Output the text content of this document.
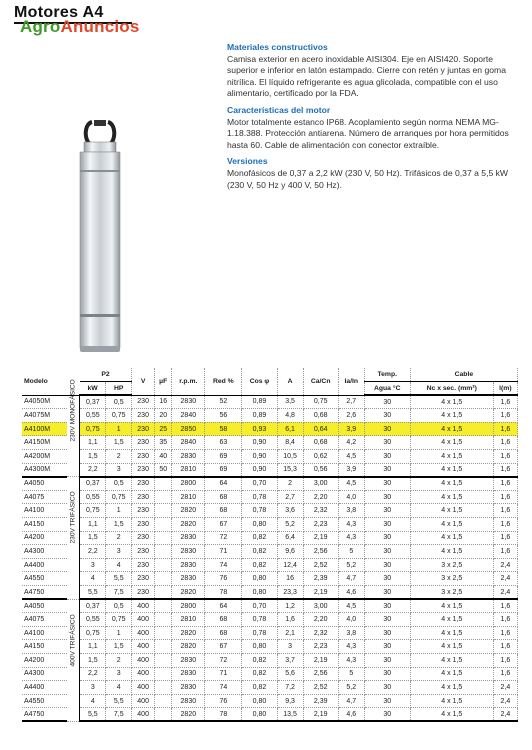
Motores A4
AgroAnuncios
Materiales constructivos
Camisa exterior en acero inoxidable AISI304. Eje en AISI420. Soporte superior e inferior en latón estampado. Cierre con retén y juntas en goma nitrílica. El líquido refrigerante es agua glicolada, compatible con el uso alimentario, certificado por la FDA.
Características del motor
Motor totalmente estanco IP68. Acoplamiento según norma NEMA MG-1.18.388. Protección antiarena. Número de arranques por hora permitidos hasta 60. Cable de alimentación con conector extraíble.
Versiones
Monofásicos de 0,37 a 2,2 kW (230 V, 50 Hz). Trifásicos de 0,37 a 5,5 kW (230 V, 50 Hz y 400 V, 50 Hz).
Modelo		P2		V	µF	r.p.m.	Red %	Cos φ	A	Ca/Cn	Ia/In	Temp.	Cable	
		kW	HP									Agua °C	Nc x sec. (mm²)	l(m)
A4050M	230V MONOFÁSICO	0,37	0,5	230	16	2830	52	0,89	3,5	0,75	2,7	30	4 x 1,5	1,6
A4075M		0,55	0,75	230	20	2840	56	0,89	4,8	0,68	2,6	30	4 x 1,5	1,6
A4100M		0,75	1	230	25	2850	58	0,93	6,1	0,64	3,9	30	4 x 1,5	1,6
A4150M		1,1	1,5	230	35	2840	63	0,90	8,4	0,68	4,2	30	4 x 1,5	1,6
A4200M		1,5	2	230	40	2830	69	0,90	10,5	0,62	4,5	30	4 x 1,5	1,6
A4300M		2,2	3	230	50	2810	69	0,90	15,3	0,56	3,9	30	4 x 1,5	1,6
A4050	230V TRIFÁSICO	0,37	0,5	230		2800	64	0,70	2	3,00	4,5	30	4 x 1,5	1,6
A4075		0,55	0,75	230		2810	68	0,78	2,7	2,20	4,0	30	4 x 1,5	1,6
A4100		0,75	1	230		2820	68	0,78	3,6	2,32	3,8	30	4 x 1,5	1,6
A4150		1,1	1,5	230		2820	67	0,80	5,2	2,23	4,3	30	4 x 1,5	1,6
A4200		1,5	2	230		2830	72	0,82	6,4	2,19	4,3	30	4 x 1,5	1,6
A4300		2,2	3	230		2830	71	0,82	9,6	2,56	5	30	4 x 1,5	1,6
A4400		3	4	230		2830	74	0,82	12,4	2,52	5,2	30	3 x 2,5	2,4
A4550		4	5,5	230		2830	76	0,80	16	2,39	4,7	30	3 x 2,5	2,4
A4750		5,5	7,5	230		2820	78	0,80	23,3	2,19	4,6	30	3 x 2,5	2,4
A4050	400V TRIFÁSICO	0,37	0,5	400		2800	64	0,70	1,2	3,00	4,5	30	4 x 1,5	1,6
A4075		0,55	0,75	400		2810	68	0,78	1,6	2,20	4,0	30	4 x 1,5	1,6
A4100		0,75	1	400		2820	68	0,78	2,1	2,32	3,8	30	4 x 1,5	1,6
A4150		1,1	1,5	400		2820	67	0,80	3	2,23	4,3	30	4 x 1,5	1,6
A4200		1,5	2	400		2830	72	0,82	3,7	2,19	4,3	30	4 x 1,5	1,6
A4300		2,2	3	400		2830	71	0,82	5,6	2,56	5	30	4 x 1,5	1,6
A4400		3	4	400		2830	74	0,82	7,2	2,52	5,2	30	4 x 1,5	2,4
A4550		4	5,5	400		2830	76	0,80	9,3	2,39	4,7	30	4 x 1,5	2,4
A4750		5,5	7,5	400		2820	78	0,80	13,5	2,19	4,6	30	4 x 1,5	2,4
